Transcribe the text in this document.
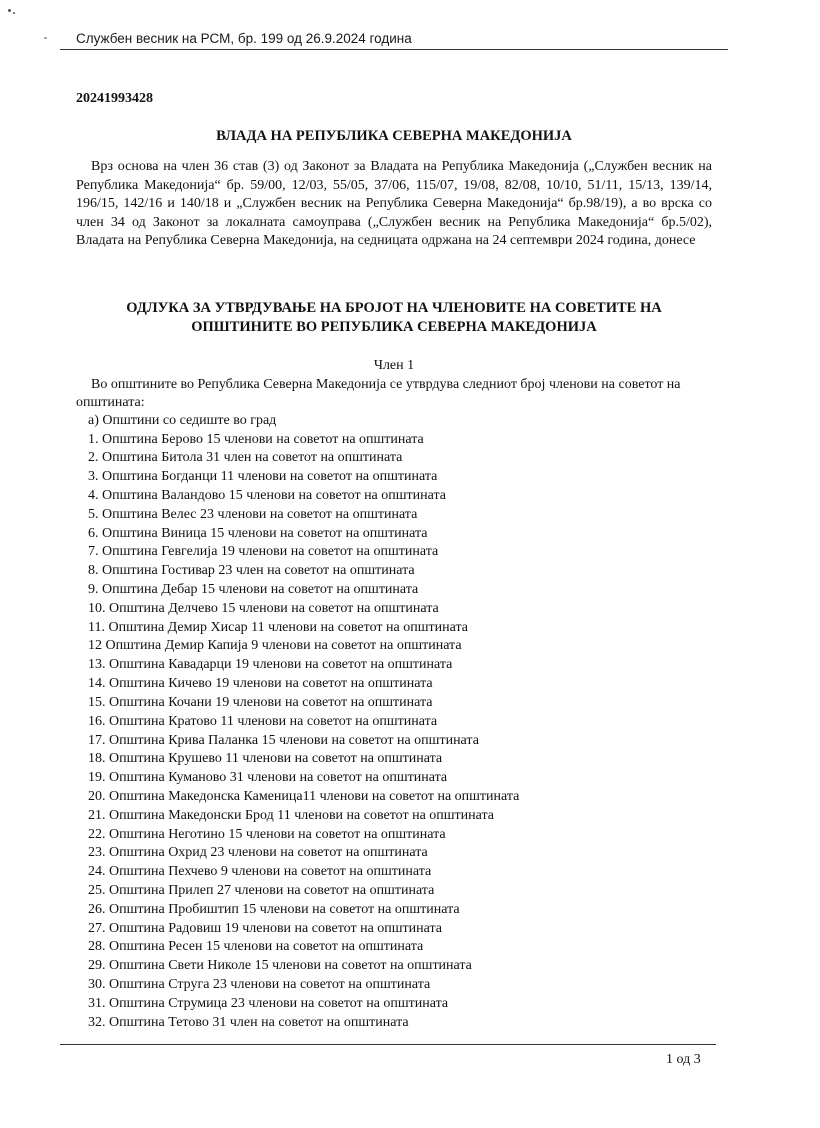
Службен весник на РСМ, бр. 199 од 26.9.2024 година
20241993428
ВЛАДА НА РЕПУБЛИКА СЕВЕРНА МАКЕДОНИЈА

Врз основа на член 36 став (3) од Законот за Владата на Република Македонија („Службен весник на Република Македонија“ бр. 59/00, 12/03, 55/05, 37/06, 115/07, 19/08, 82/08, 10/10, 51/11, 15/13, 139/14, 196/15, 142/16 и 140/18 и „Службен весник на Република Северна Македонија“ бр.98/19), а во врска со член 34 од Законот за локалната самоуправа („Службен весник на Република Македонија“ бр.5/02), Владата на Република Северна Македонија, на седницата одржана на 24 септември 2024 година, донесе

ОДЛУКА ЗА УТВРДУВАЊЕ НА БРОЈОТ НА ЧЛЕНОВИТЕ НА СОВЕТИТЕ НА
ОПШТИНИТЕ ВО РЕПУБЛИКА СЕВЕРНА МАКЕДОНИЈА
Член 1

Во општините во Република Северна Македонија се утврдува следниот број членови на советот на општината:

а) Општини со седиште во град
1. Општина Берово 15 членови на советот на општината
2. Општина Битола 31 член на советот на општината
3. Општина Богданци 11 членови на советот на општината
4. Општина Валандово 15 членови на советот на општината
5. Општина Велес 23 членови на советот на општината
6. Општина Виница 15 членови на советот на општината
7. Општина Гевгелија 19 членови на советот на општината
8. Општина Гостивар 23 член на советот на општината
9. Општина Дебар 15 членови на советот на општината
10. Општина Делчево 15 членови на советот на општината
11. Општина Демир Хисар 11 членови на советот на општината
12 Општина Демир Капија 9 членови на советот на општината
13. Општина Кавадарци 19 членови на советот на општината
14. Општина Кичево 19 членови на советот на општината
15. Општина Кочани 19 членови на советот на општината
16. Општина Кратово 11 членови на советот на општината
17. Општина Крива Паланка 15 членови на советот на општината
18. Општина Крушево 11 членови на советот на општината
19. Општина Куманово 31 членови на советот на општината
20. Општина Македонска Каменица11 членови на советот на општината
21. Општина Македонски Брод 11 членови на советот на општината
22. Општина Неготино 15 членови на советот на општината
23. Општина Охрид 23 членови на советот на општината
24. Општина Пехчево 9 членови на советот на општината
25. Општина Прилеп 27 членови на советот на општината
26. Општина Пробиштип 15 членови на советот на општината
27. Општина Радовиш 19 членови на советот на општината
28. Општина Ресен 15 членови на советот на општината
29. Општина Свети Николе 15 членови на советот на општината
30. Општина Струга 23 членови на советот на општината
31. Општина Струмица 23 членови на советот на општината
32. Општина Тетово 31 член на советот на општината
1 од 3
